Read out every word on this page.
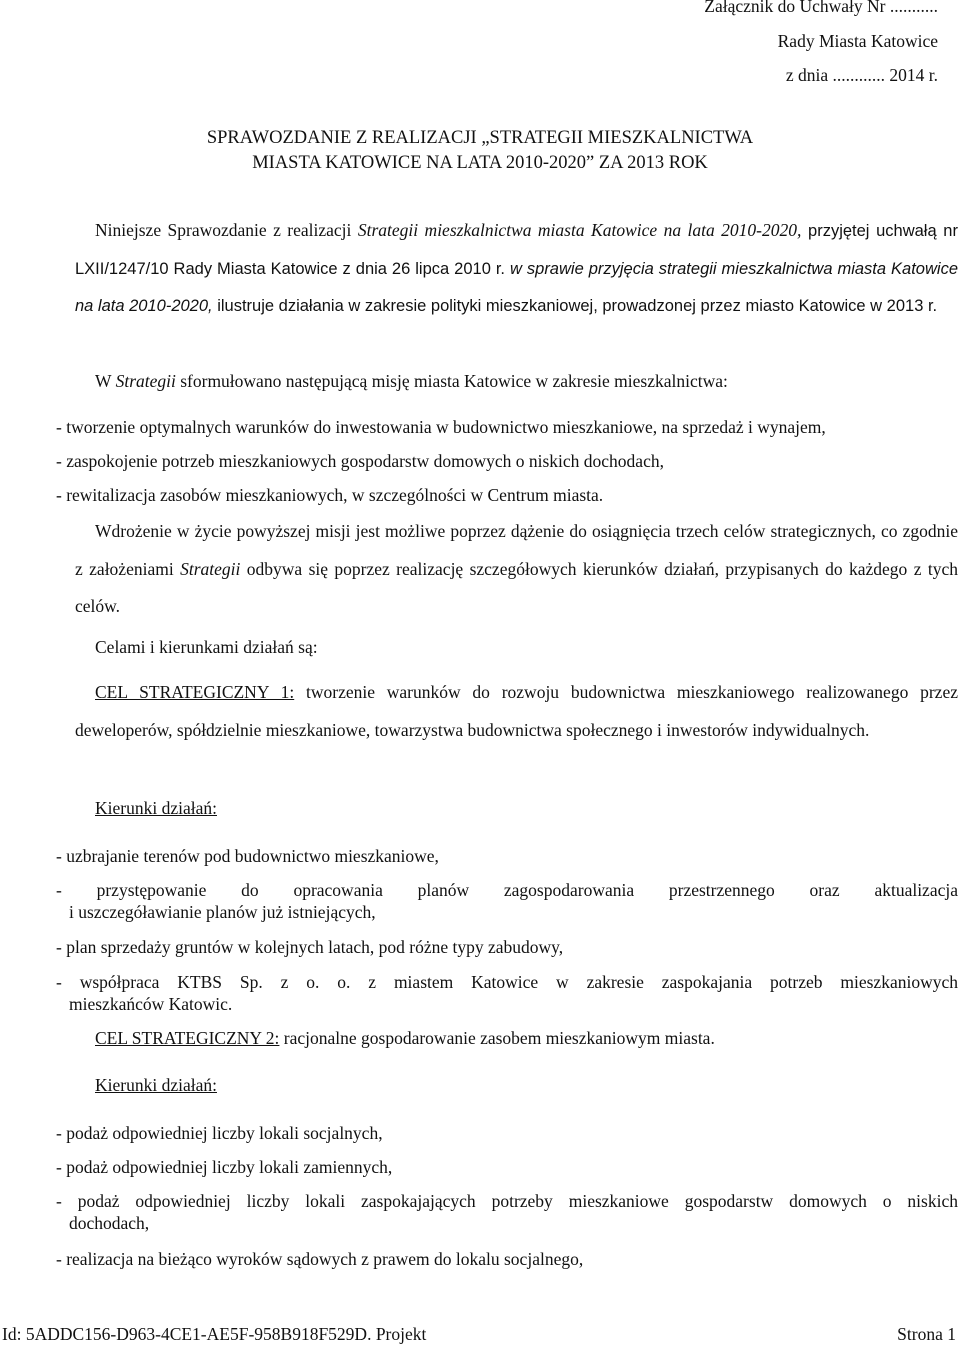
Załącznik do Uchwały Nr ...........
Rady Miasta Katowice
z dnia ............ 2014 r.
SPRAWOZDANIE Z REALIZACJI „STRATEGII MIESZKALNICTWA
MIASTA KATOWICE NA LATA 2010-2020” ZA 2013 ROK

Niniejsze Sprawozdanie z realizacji Strategii mieszkalnictwa miasta Katowice na lata 2010-2020, przyjętej uchwałą nr LXII/1247/10 Rady Miasta Katowice z dnia 26 lipca 2010 r. w sprawie przyjęcia strategii mieszkalnictwa miasta Katowice na lata 2010-2020, ilustruje działania w zakresie polityki mieszkaniowej, prowadzonej przez miasto Katowice w 2013 r.

W Strategii sformułowano następującą misję miasta Katowice w zakresie mieszkalnictwa:

- tworzenie optymalnych warunków do inwestowania w budownictwo mieszkaniowe, na sprzedaż i wynajem,
- zaspokojenie potrzeb mieszkaniowych gospodarstw domowych o niskich dochodach,
- rewitalizacja zasobów mieszkaniowych, w szczególności w Centrum miasta.

Wdrożenie w życie powyższej misji jest możliwe poprzez dążenie do osiągnięcia trzech celów strategicznych, co zgodnie z założeniami Strategii odbywa się poprzez realizację szczegółowych kierunków działań, przypisanych do każdego z tych celów.

Celami i kierunkami działań są:

CEL STRATEGICZNY 1: tworzenie warunków do rozwoju budownictwa mieszkaniowego realizowanego przez deweloperów, spółdzielnie mieszkaniowe, towarzystwa budownictwa społecznego i inwestorów indywidualnych.

Kierunki działań:
- uzbrajanie terenów pod budownictwo mieszkaniowe,
- przystępowanie do opracowania planów zagospodarowania przestrzennego oraz aktualizacja
i uszczegóławianie planów już istniejących,
- plan sprzedaży gruntów w kolejnych latach, pod różne typy zabudowy,
- współpraca KTBS Sp. z o. o. z miastem Katowice w zakresie zaspokajania potrzeb mieszkaniowych
mieszkańców Katowic.
CEL STRATEGICZNY 2: racjonalne gospodarowanie zasobem mieszkaniowym miasta.
Kierunki działań:
- podaż odpowiedniej liczby lokali socjalnych,
- podaż odpowiedniej liczby lokali zamiennych,
- podaż odpowiedniej liczby lokali zaspokajających potrzeby mieszkaniowe gospodarstw domowych o niskich
dochodach,
- realizacja na bieżąco wyroków sądowych z prawem do lokalu socjalnego,
Id: 5ADDC156-D963-4CE1-AE5F-958B918F529D. Projekt	Strona 1
